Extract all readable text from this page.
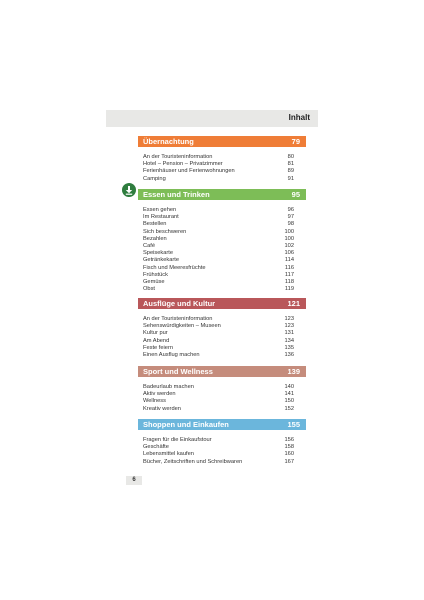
Inhalt
Übernachtung	79
An der Touristeninformation	80
Hotel – Pension – Privatzimmer	81
Ferienhäuser und Ferienwohnungen	89
Camping	91
Essen und Trinken	95
Essen gehen	96
Im Restaurant	97
Bestellen	98
Sich beschweren	100
Bezahlen	100
Café	102
Speisekarte	106
Getränkekarte	114
Fisch und Meeresfrüchte	116
Frühstück	117
Gemüse	118
Obst	119
Ausflüge und Kultur	121
An der Touristeninformation	123
Sehenswürdigkeiten – Museen	123
Kultur pur	131
Am Abend	134
Feste feiern	135
Einen Ausflug machen	136
Sport und Wellness	139
Badeurlaub machen	140
Aktiv werden	141
Wellness	150
Kreativ werden	152
Shoppen und Einkaufen	155
Fragen für die Einkaufstour	156
Geschäfte	158
Lebensmittel kaufen	160
Bücher, Zeitschriften und Schreibwaren	167
6
